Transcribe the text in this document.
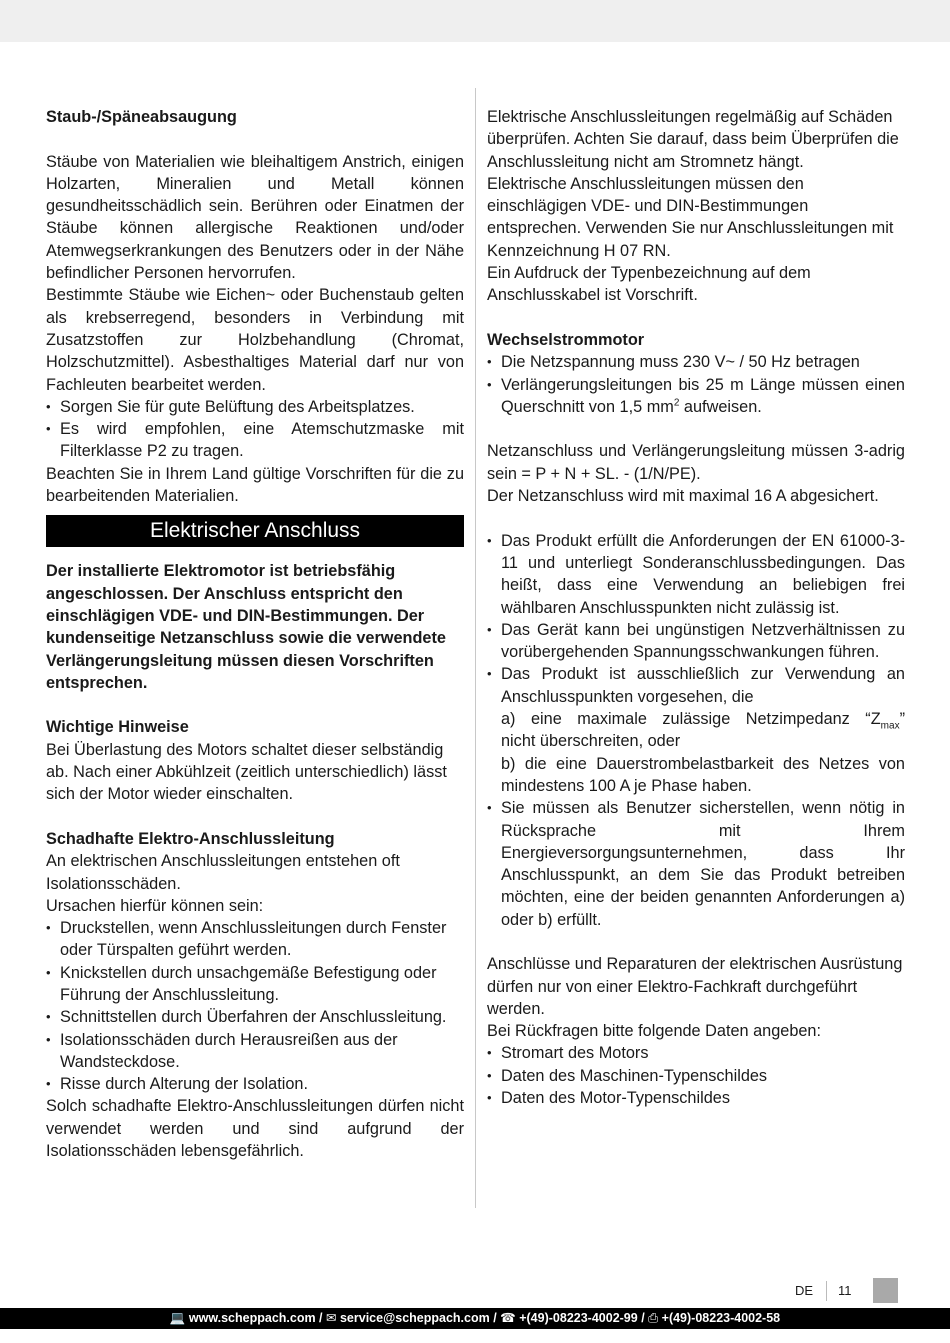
Staub-/Späneabsaugung

Stäube von Materialien wie bleihaltigem Anstrich, einigen Holzarten, Mineralien und Metall können gesundheitsschädlich sein. Berühren oder Einatmen der Stäube können allergische Reaktionen und/oder Atemwegserkrankungen des Benutzers oder in der Nähe befindlicher Personen hervorrufen.

Bestimmte Stäube wie Eichen~ oder Buchenstaub gelten als krebserregend, besonders in Verbindung mit Zusatzstoffen zur Holzbehandlung (Chromat, Holzschutzmittel). Asbesthaltiges Material darf nur von Fachleuten bearbeitet werden.

• Sorgen Sie für gute Belüftung des Arbeitsplatzes.
• Es wird empfohlen, eine Atemschutzmaske mit Filterklasse P2 zu tragen.

Beachten Sie in Ihrem Land gültige Vorschriften für die zu bearbeitenden Materialien.

Elektrischer Anschluss

Der installierte Elektromotor ist betriebsfähig angeschlossen. Der Anschluss entspricht den einschlägigen VDE- und DIN-Bestimmungen. Der kundenseitige Netzanschluss sowie die verwendete Verlängerungsleitung müssen diesen Vorschriften entsprechen.

Wichtige Hinweise

Bei Überlastung des Motors schaltet dieser selbständig ab. Nach einer Abkühlzeit (zeitlich unterschiedlich) lässt sich der Motor wieder einschalten.

Schadhafte Elektro-Anschlussleitung

An elektrischen Anschlussleitungen entstehen oft Isolationsschäden.

Ursachen hierfür können sein:

• Druckstellen, wenn Anschlussleitungen durch Fenster oder Türspalten geführt werden.
• Knickstellen durch unsachgemäße Befestigung oder Führung der Anschlussleitung.
• Schnittstellen durch Überfahren der Anschlussleitung.
• Isolationsschäden durch Herausreißen aus der Wandsteckdose.
• Risse durch Alterung der Isolation.

Solch schadhafte Elektro-Anschlussleitungen dürfen nicht verwendet werden und sind aufgrund der Isolationsschäden lebensgefährlich.

Elektrische Anschlussleitungen regelmäßig auf Schäden überprüfen. Achten Sie darauf, dass beim Überprüfen die Anschlussleitung nicht am Stromnetz hängt.

Elektrische Anschlussleitungen müssen den einschlägigen VDE- und DIN-Bestimmungen entsprechen. Verwenden Sie nur Anschlussleitungen mit Kennzeichnung H 07 RN.

Ein Aufdruck der Typenbezeichnung auf dem Anschlusskabel ist Vorschrift.

Wechselstrommotor

• Die Netzspannung muss 230 V~ / 50 Hz betragen
• Verlängerungsleitungen bis 25 m Länge müssen einen Querschnitt von 1,5 $mm^2$ aufweisen.

Netzanschluss und Verlängerungsleitung müssen 3-adrig sein = P + N + SL. - (1/N/PE).

Der Netzanschluss wird mit maximal 16 A abgesichert.

• Das Produkt erfüllt die Anforderungen der EN 61000-3-11 und unterliegt Sonderanschlussbedingungen. Das heißt, dass eine Verwendung an beliebigen frei wählbaren Anschlusspunkten nicht zulässig ist.
• Das Gerät kann bei ungünstigen Netzverhältnissen zu vorübergehenden Spannungsschwankungen führen.
• Das Produkt ist ausschließlich zur Verwendung an Anschlusspunkten vorgesehen, die

a) eine maximale zulässige Netzimpedanz “$Z_{max}$”
nicht überschreiten, oder
b) die eine Dauerstrombelastbarkeit des Netzes von mindestens 100 A je Phase haben.
• Sie müssen als Benutzer sicherstellen, wenn nötig in Rücksprache mit Ihrem Energieversorgungsunternehmen, dass Ihr Anschlusspunkt, an dem Sie das Produkt betreiben möchten, eine der beiden genannten Anforderungen a) oder b) erfüllt.

Anschlüsse und Reparaturen der elektrischen Ausrüstung dürfen nur von einer Elektro-Fachkraft durchgeführt werden.

Bei Rückfragen bitte folgende Daten angeben:

• Stromart des Motors
• Daten des Maschinen-Typenschildes
• Daten des Motor-Typenschildes
DE 11
💻 www.scheppach.com / ✉ service@scheppach.com / ☎ +(49)-08223-4002-99 / ⎙ +(49)-08223-4002-58
